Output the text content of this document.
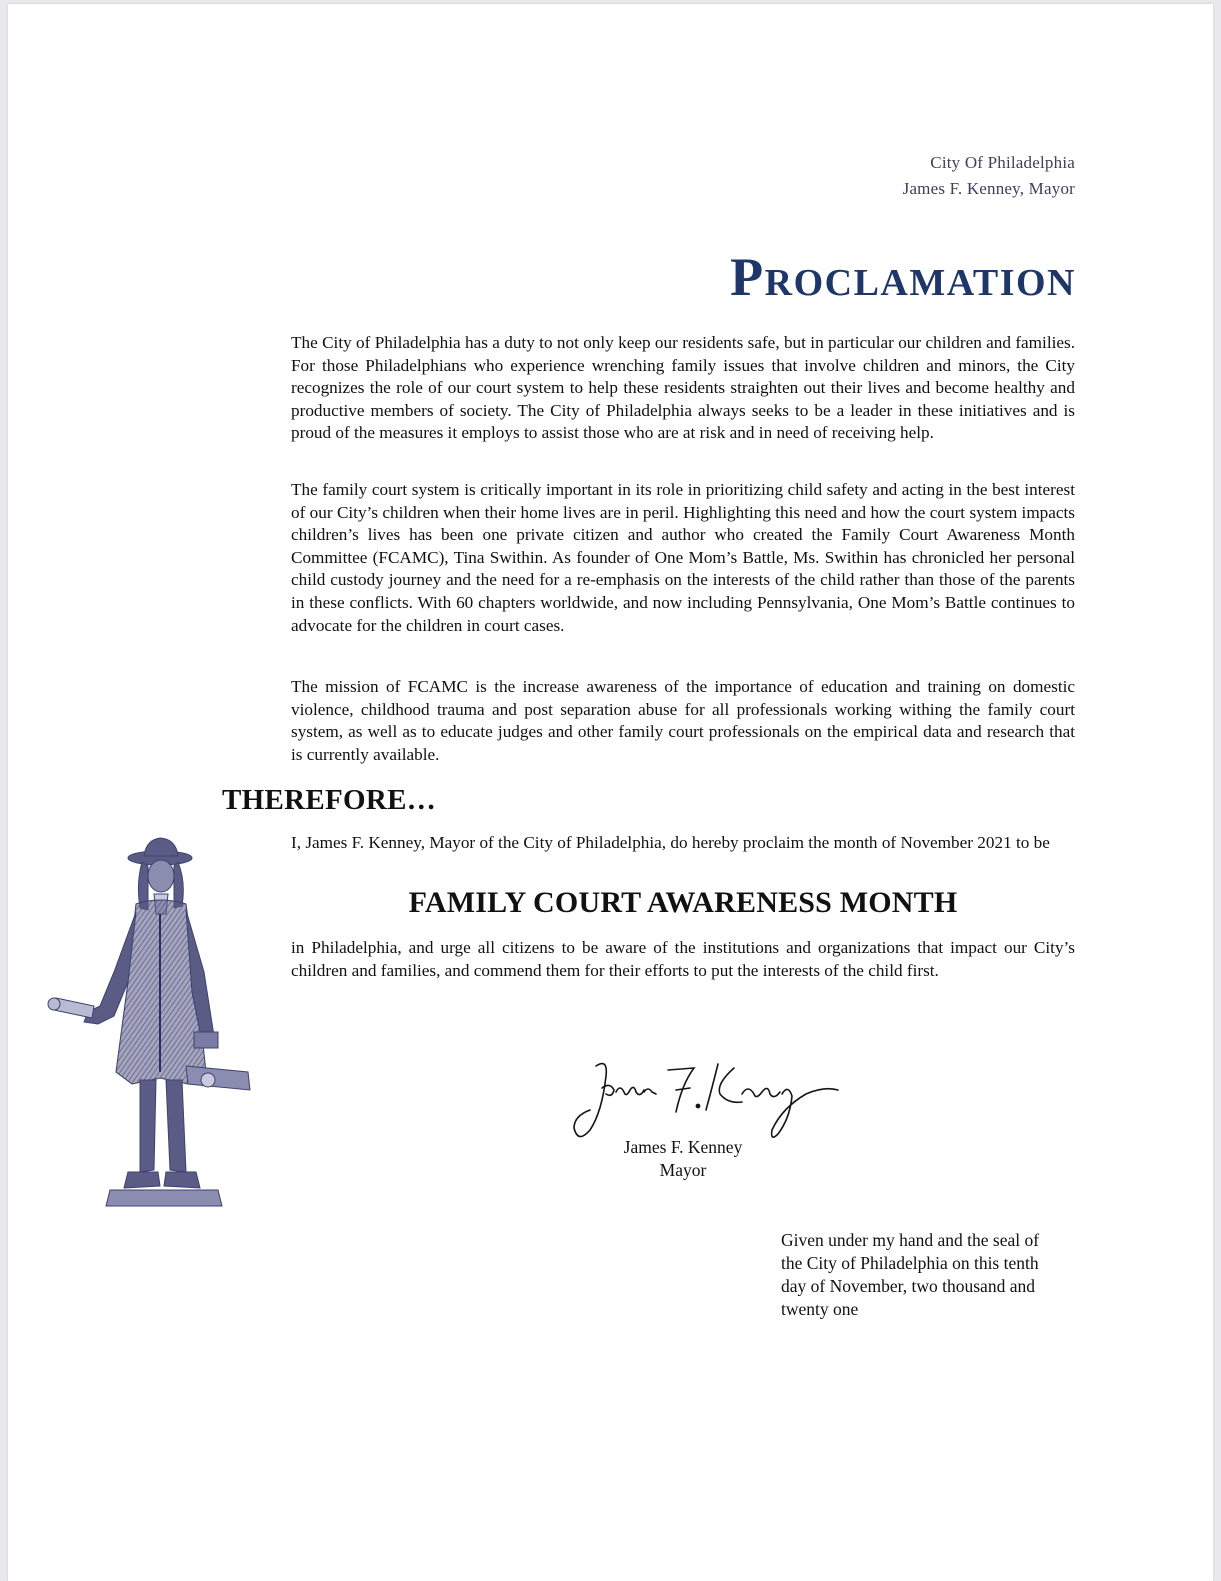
City Of Philadelphia
James F. Kenney, Mayor
Proclamation
The City of Philadelphia has a duty to not only keep our residents safe, but in particular our children and families. For those Philadelphians who experience wrenching family issues that involve children and minors, the City recognizes the role of our court system to help these residents straighten out their lives and become healthy and productive members of society. The City of Philadelphia always seeks to be a leader in these initiatives and is proud of the measures it employs to assist those who are at risk and in need of receiving help.
The family court system is critically important in its role in prioritizing child safety and acting in the best interest of our City’s children when their home lives are in peril. Highlighting this need and how the court system impacts children’s lives has been one private citizen and author who created the Family Court Awareness Month Committee (FCAMC), Tina Swithin. As founder of One Mom’s Battle, Ms. Swithin has chronicled her personal child custody journey and the need for a re-emphasis on the interests of the child rather than those of the parents in these conflicts. With 60 chapters worldwide, and now including Pennsylvania, One Mom’s Battle continues to advocate for the children in court cases.
The mission of FCAMC is the increase awareness of the importance of education and training on domestic violence, childhood trauma and post separation abuse for all professionals working withing the family court system, as well as to educate judges and other family court professionals on the empirical data and research that is currently available.
THEREFORE…
I, James F. Kenney, Mayor of the City of Philadelphia, do hereby proclaim the month of November 2021 to be
FAMILY COURT AWARENESS MONTH
in Philadelphia, and urge all citizens to be aware of the institutions and organizations that impact our City’s children and families, and commend them for their efforts to put the interests of the child first.
James F. Kenney
Mayor
Given under my hand and the seal of
the City of Philadelphia on this tenth
day of November, two thousand and
twenty one
